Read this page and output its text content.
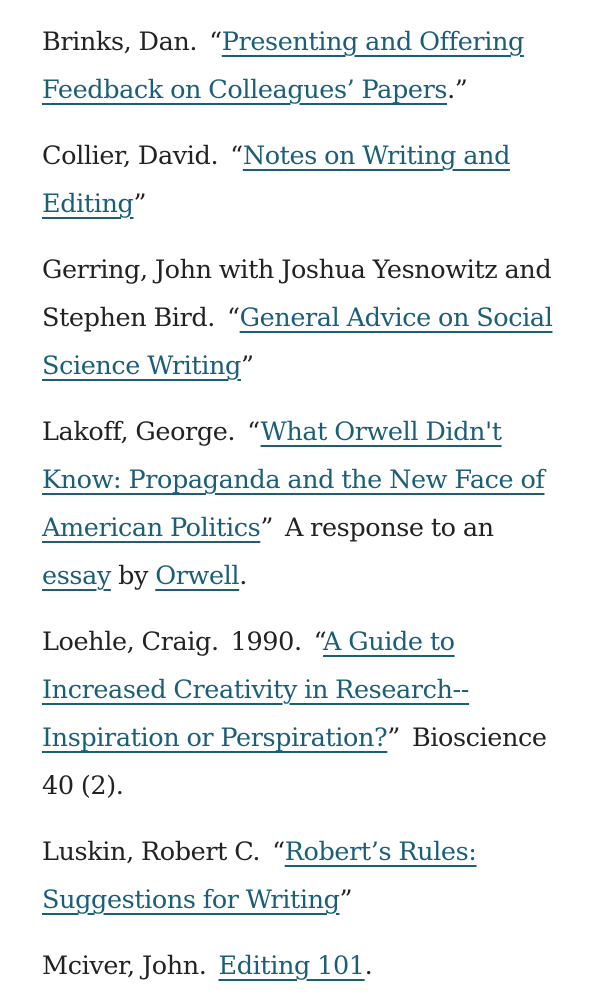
Brinks, Dan. “Presenting and Offering Feedback on Colleagues’ Papers.”

Collier, David. “Notes on Writing and Editing”

Gerring, John with Joshua Yesnowitz and Stephen Bird. “General Advice on Social Science Writing”

Lakoff, George. “What Orwell Didn't Know: Propaganda and the New Face of American Politics” A response to an essay by Orwell.

Loehle, Craig. 1990. “A Guide to Increased Creativity in Research--Inspiration or Perspiration?” Bioscience 40 (2).

Luskin, Robert C. “Robert’s Rules: Suggestions for Writing”

Mciver, John. Editing 101.
